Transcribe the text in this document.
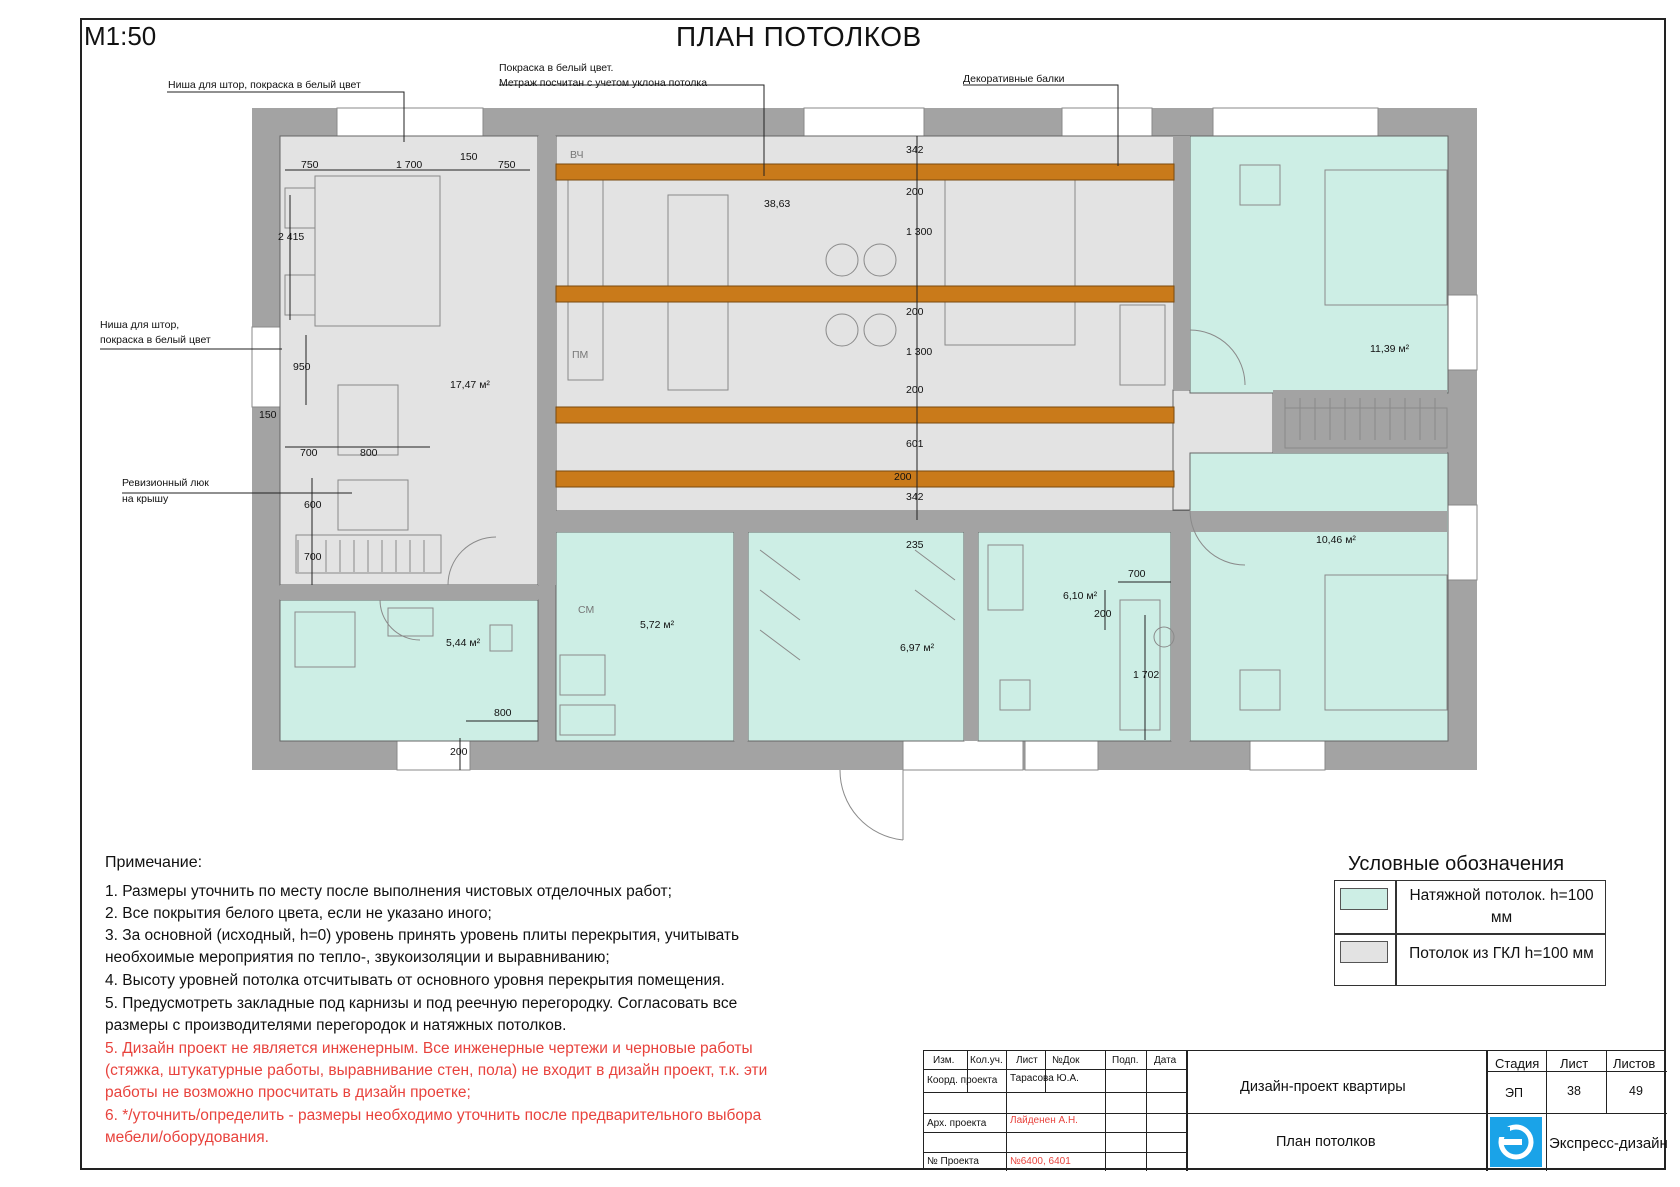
М1:50	ПЛАН ПОТОЛКОВ
Ниша для штор, покраска в белый цвет
Покраска в белый цвет.
Метраж посчитан с учетом уклона потолка	Декоративные балки
Ниша для штор,
покраска в белый цвет
Ревизионный люк
на крышу
17,47 м²
38,63
11,39 м²
10,46 м²
5,44 м²
5,72 м²
6,97 м²
6,10 м²
ВЧ
ПМ
СМ
750	1 700
150
750
2 415
950
150
700	800
600
700
342
200
1 300
200
1 300
200
601
200
342
235
800
200
700
200
1 702
Примечание:
1. Размеры уточнить по месту после выполнения чистовых отделочных работ;
2. Все покрытия белого цвета, если не указано иного;
3. За основной (исходный, h=0) уровень принять уровень плиты перекрытия, учитывать
необхоимые мероприятия по тепло-, звукоизоляции и выравниванию;
4. Высоту уровней потолка отсчитывать от основного уровня перекрытия помещения.
5. Предусмотреть закладные под карнизы и под реечную перегородку. Согласовать все
размеры с производителями перегородок и натяжных потолков.
5. Дизайн проект не является инженерным. Все инженерные чертежи и черновые работы
(стяжка, штукатурные работы, выравнивание стен, пола) не входит в дизайн проект, т.к. эти
работы не возможно просчитать в дизайн проетке;
6. */уточнить/определить - размеры необходимо уточнить после предварительного выбора
мебели/оборудования.
Условные обозначения
Натяжной потолок. h=100
мм
Потолок из ГКЛ h=100 мм
Изм. Кол.уч. Лист №Док	Подп. Дата
Коорд. проекта Тарасова Ю.А.
Арх. проекта Лайденен А.Н.
№ Проекта	№6400, 6401
Дизайн-проект квартиры
План потолков
Стадия Лист Листов
ЭП	38	49
Экспресс-дизайн
